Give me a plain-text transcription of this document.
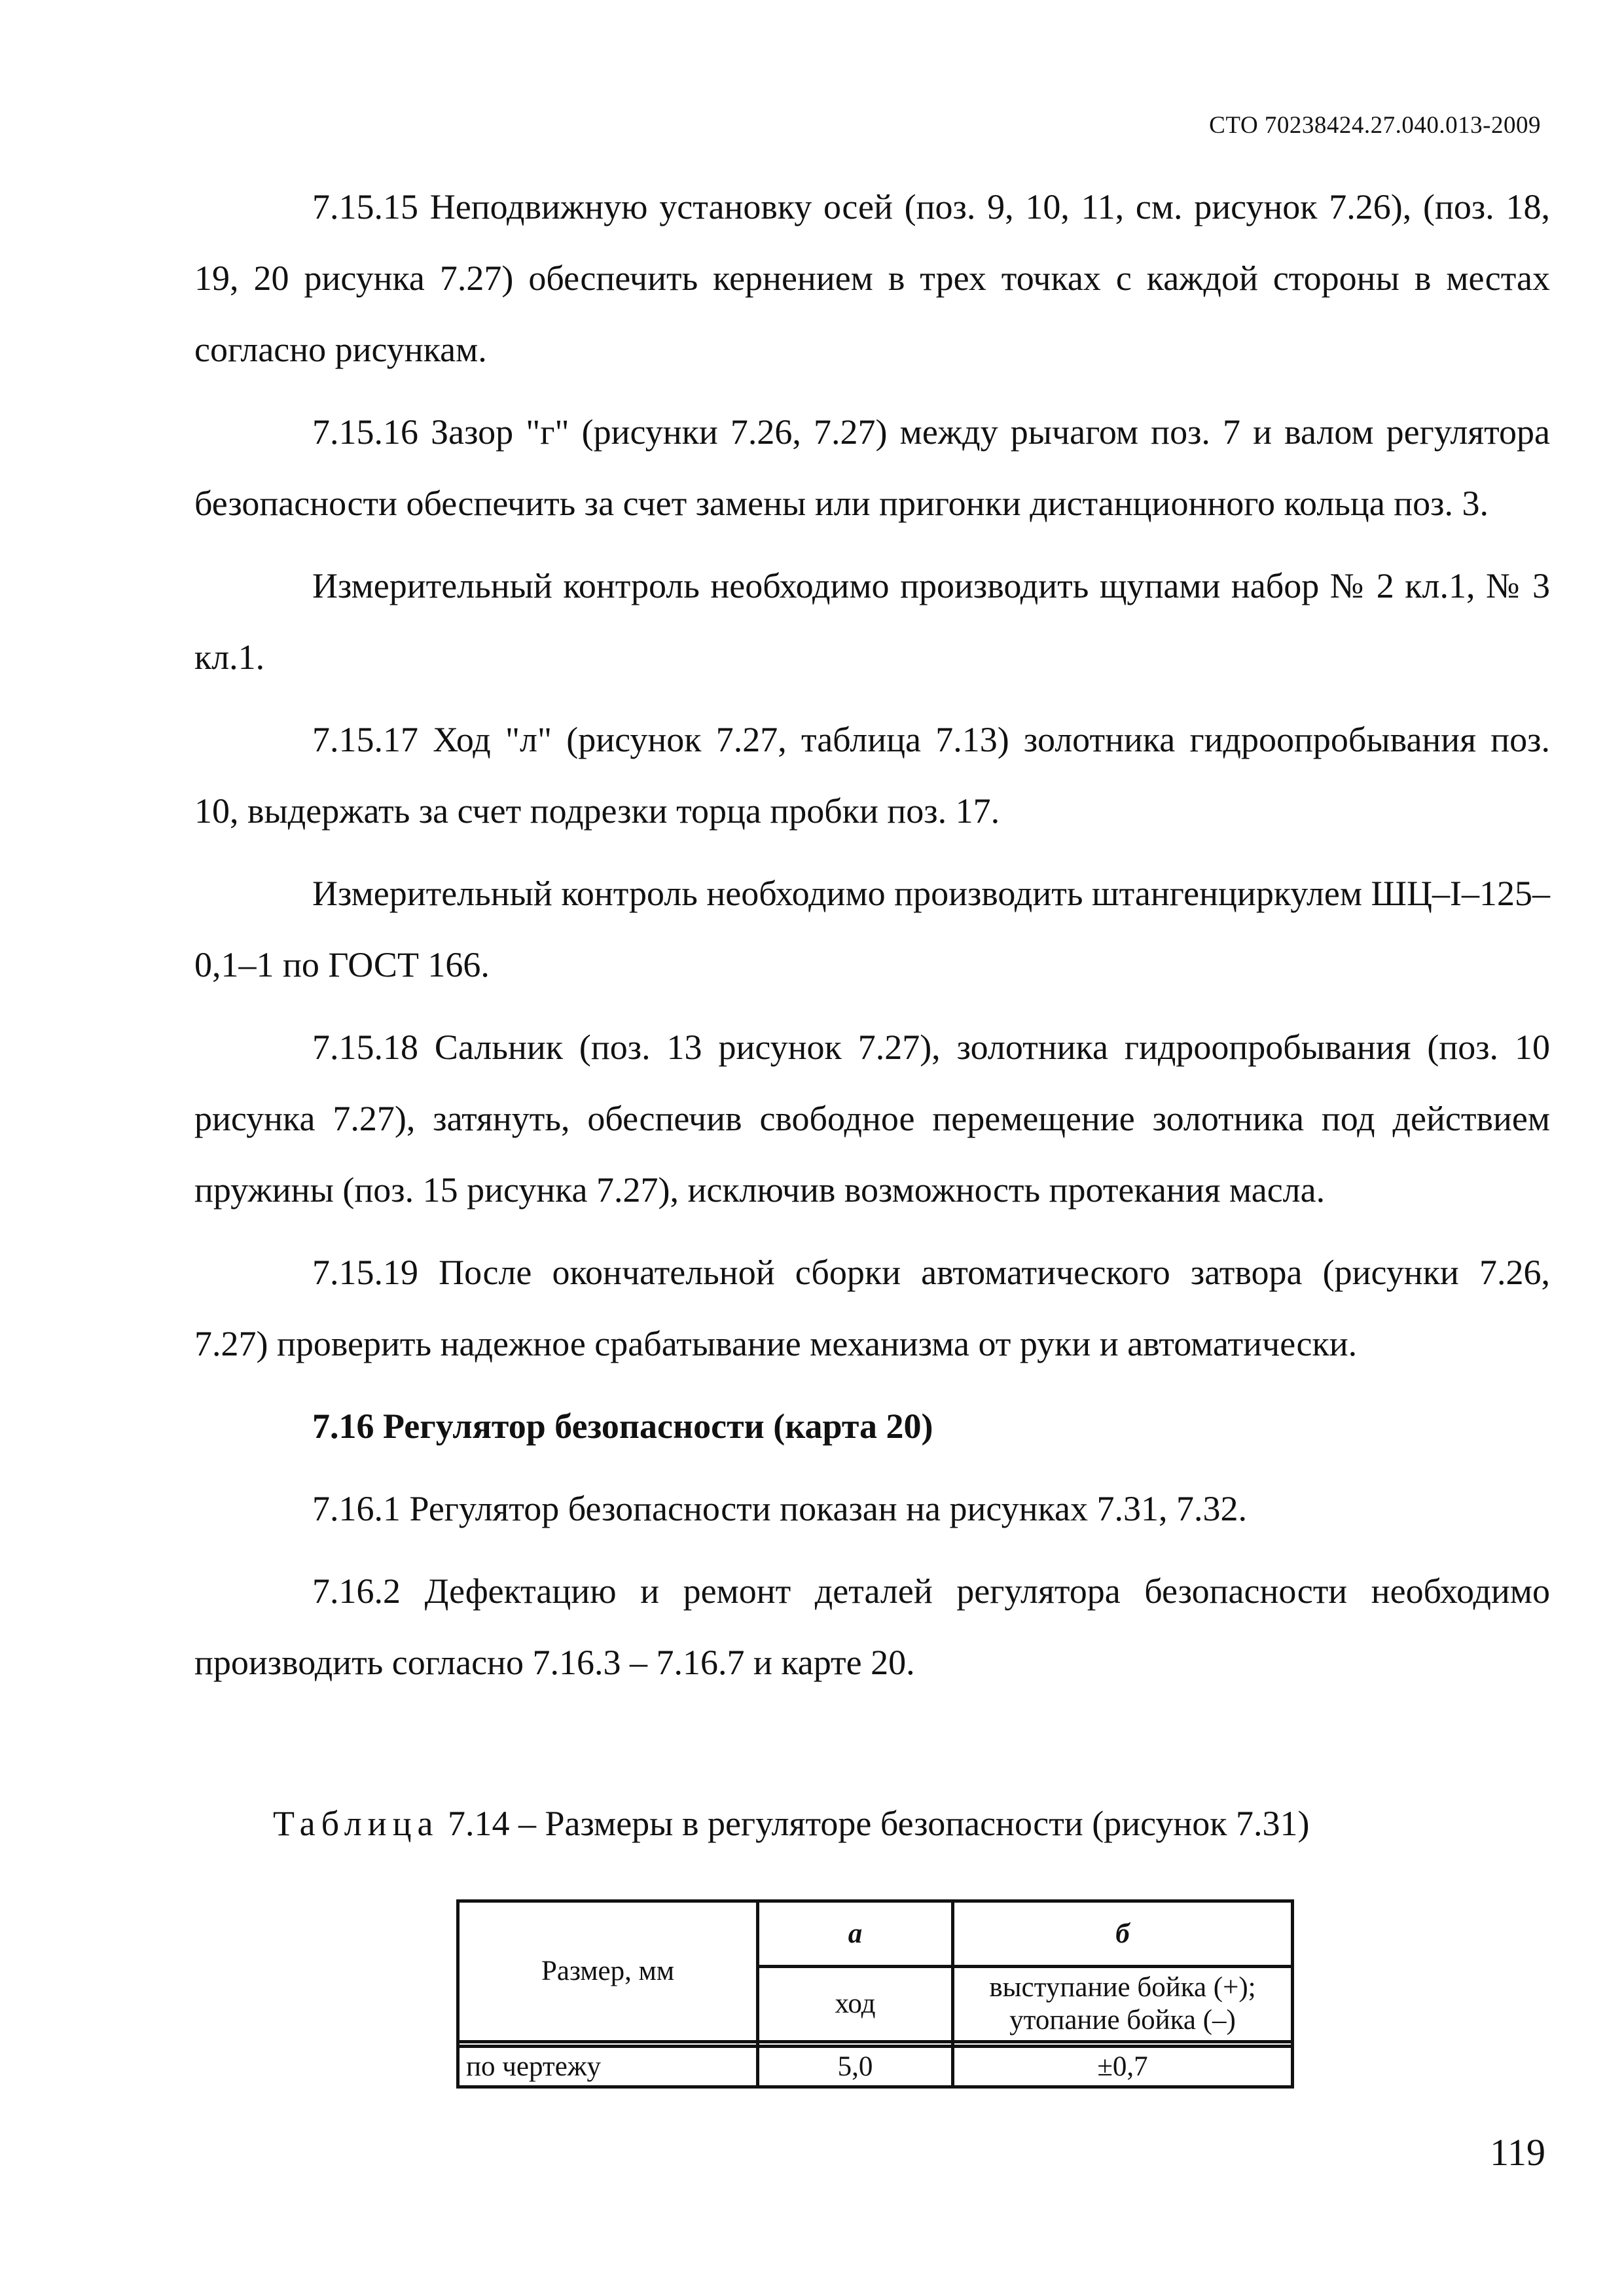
СТО 70238424.27.040.013-2009

7.15.15 Неподвижную установку осей (поз. 9, 10, 11, см. рисунок 7.26), (поз. 18, 19, 20 рисунка 7.27) обеспечить кернением в трех точках с каждой стороны в местах согласно рисункам.

7.15.16 Зазор "г" (рисунки 7.26, 7.27) между рычагом поз. 7 и валом регулятора безопасности обеспечить за счет замены или пригонки дистанционного кольца поз. 3.

Измерительный контроль необходимо производить щупами набор № 2 кл.1, № 3 кл.1.

7.15.17 Ход "л" (рисунок 7.27, таблица 7.13) золотника гидроопробывания поз. 10, выдержать за счет подрезки торца пробки поз. 17.

Измерительный контроль необходимо производить штангенциркулем ШЦ–I–125–0,1–1 по ГОСТ 166.

7.15.18 Сальник (поз. 13 рисунок 7.27), золотника гидроопробывания (поз. 10 рисунка 7.27), затянуть, обеспечив свободное перемещение золотника под действием пружины (поз. 15 рисунка 7.27), исключив возможность протекания масла.

7.15.19 После окончательной сборки автоматического затвора (рисунки 7.26, 7.27) проверить надежное срабатывание механизма от руки и автоматически.

7.16 Регулятор безопасности (карта 20)

7.16.1 Регулятор безопасности показан на рисунках 7.31, 7.32.

7.16.2 Дефектацию и ремонт деталей регулятора безопасности необходимо производить согласно 7.16.3 – 7.16.7 и карте 20.

Таблица 7.14 – Размеры в регуляторе безопасности (рисунок 7.31)
Размер, мм	а	б
	ход	выступание бойка (+);
утопание бойка (–)

по чертежу	5,0	±0,7
119
